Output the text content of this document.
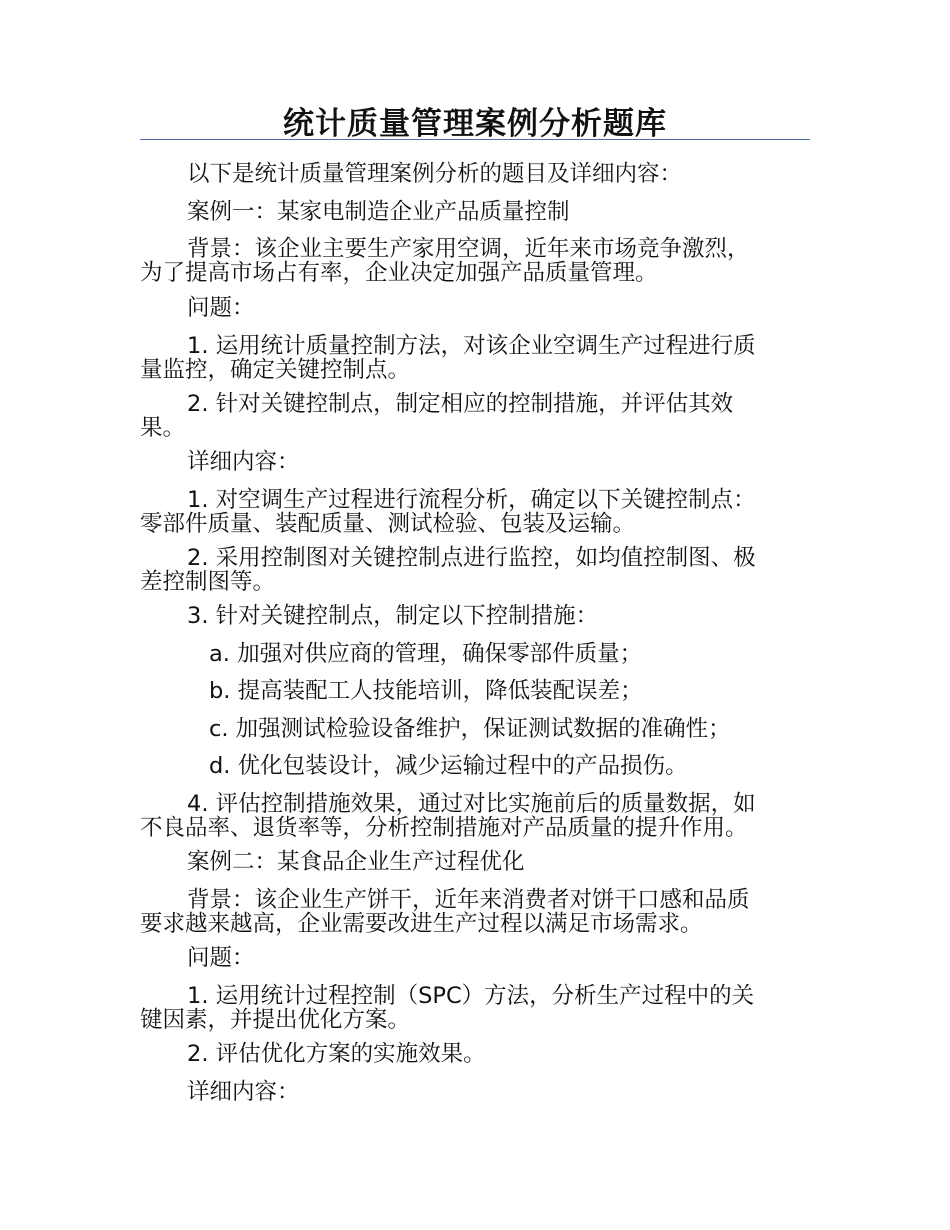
统计质量管理案例分析题库
以下是统计质量管理案例分析的题目及详细内容：
案例一：某家电制造企业产品质量控制
背景：该企业主要生产家用空调，近年来市场竞争激烈，
为了提高市场占有率，企业决定加强产品质量管理。
问题：
1. 运用统计质量控制方法，对该企业空调生产过程进行质
量监控，确定关键控制点。
2. 针对关键控制点，制定相应的控制措施，并评估其效
果。
详细内容：
1. 对空调生产过程进行流程分析，确定以下关键控制点：
零部件质量、装配质量、测试检验、包装及运输。
2. 采用控制图对关键控制点进行监控，如均值控制图、极
差控制图等。
3. 针对关键控制点，制定以下控制措施：
a. 加强对供应商的管理，确保零部件质量；
b. 提高装配工人技能培训，降低装配误差；
c. 加强测试检验设备维护，保证测试数据的准确性；
d. 优化包装设计，减少运输过程中的产品损伤。
4. 评估控制措施效果，通过对比实施前后的质量数据，如
不良品率、退货率等，分析控制措施对产品质量的提升作用。
案例二：某食品企业生产过程优化
背景：该企业生产饼干，近年来消费者对饼干口感和品质
要求越来越高，企业需要改进生产过程以满足市场需求。
问题：
1. 运用统计过程控制（SPC）方法，分析生产过程中的关
键因素，并提出优化方案。
2. 评估优化方案的实施效果。
详细内容：
